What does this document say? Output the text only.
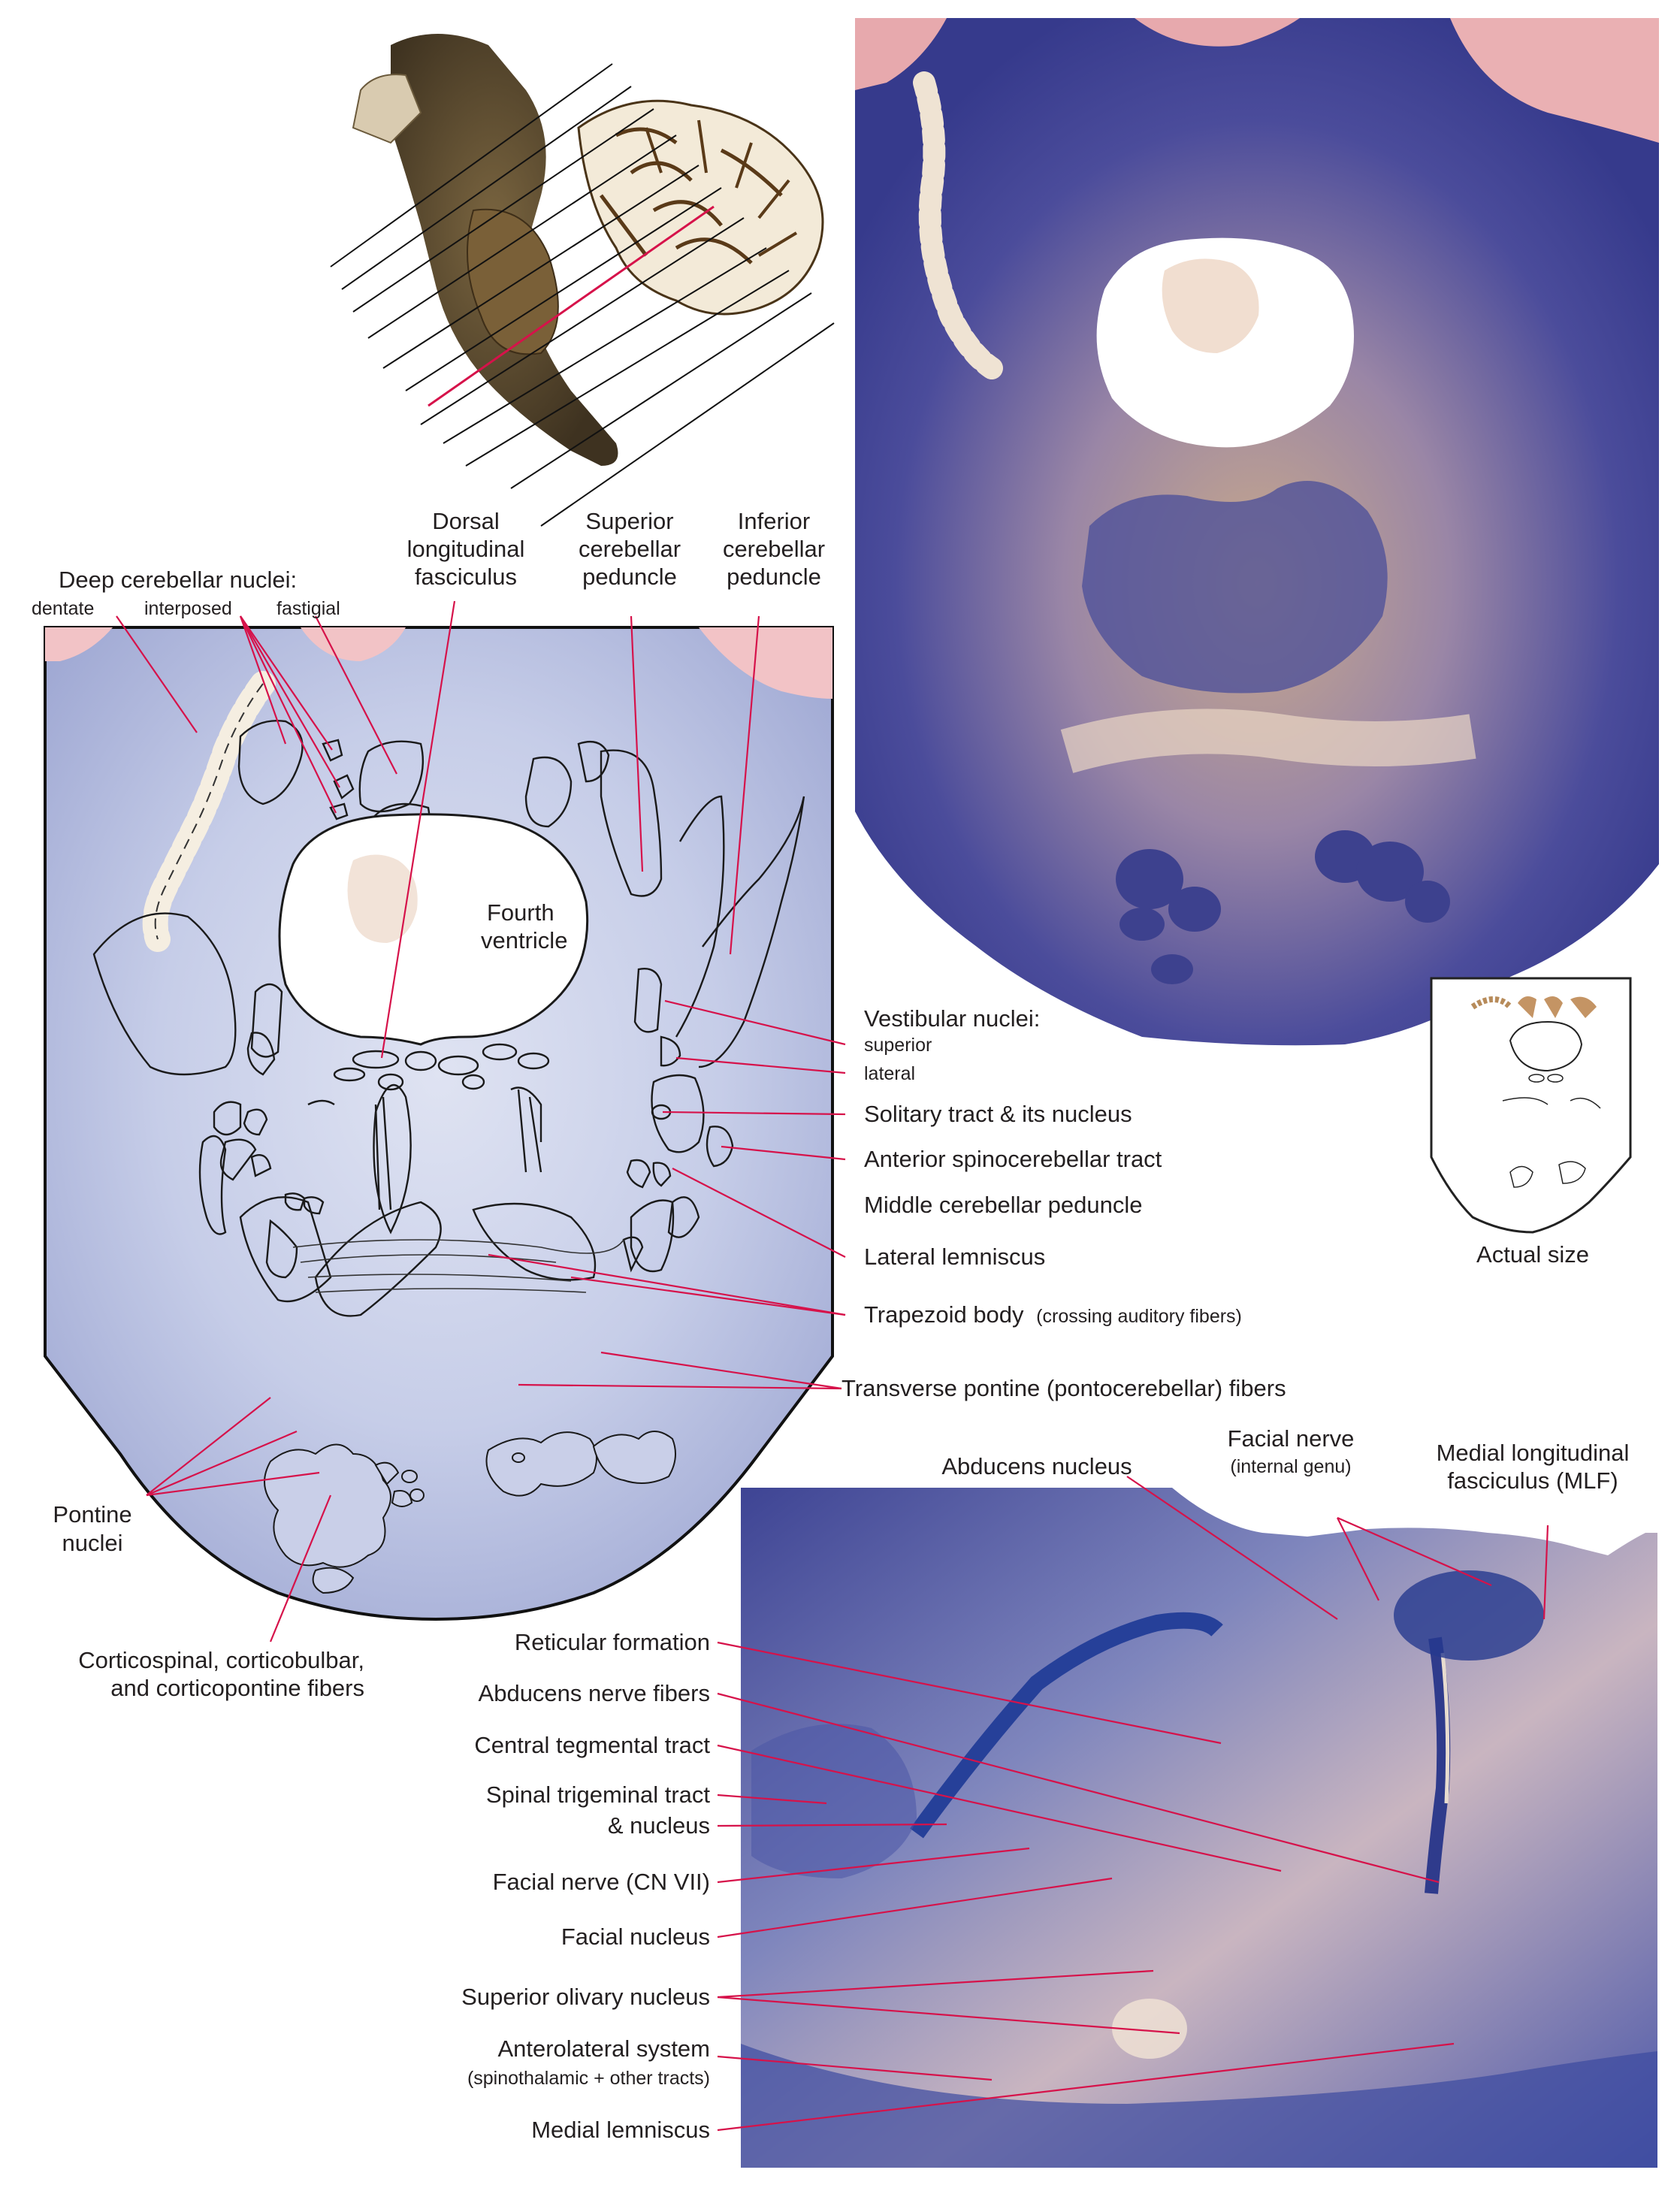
Fourth
ventricle
Actual size
Deep cerebellar nuclei:
dentate	interposed fastigial
Dorsal
longitudinal
fasciculus
Superior
cerebellar
peduncle
Inferior
cerebellar
peduncle
Vestibular nuclei:
superior
lateral
Solitary tract & its nucleus
Anterior spinocerebellar tract
Middle cerebellar peduncle
Lateral lemniscus
Trapezoid body (crossing auditory fibers)
Transverse pontine (pontocerebellar) fibers
Pontine
nuclei
Corticospinal, corticobulbar,
and corticopontine fibers
Abducens nucleus
Facial nerve
(internal genu)
Medial longitudinal
fasciculus (MLF)
Reticular formation
Abducens nerve fibers
Central tegmental tract
Spinal trigeminal tract
& nucleus
Facial nerve (CN VII)
Facial nucleus
Superior olivary nucleus
Anterolateral system
(spinothalamic + other tracts)
Medial lemniscus
